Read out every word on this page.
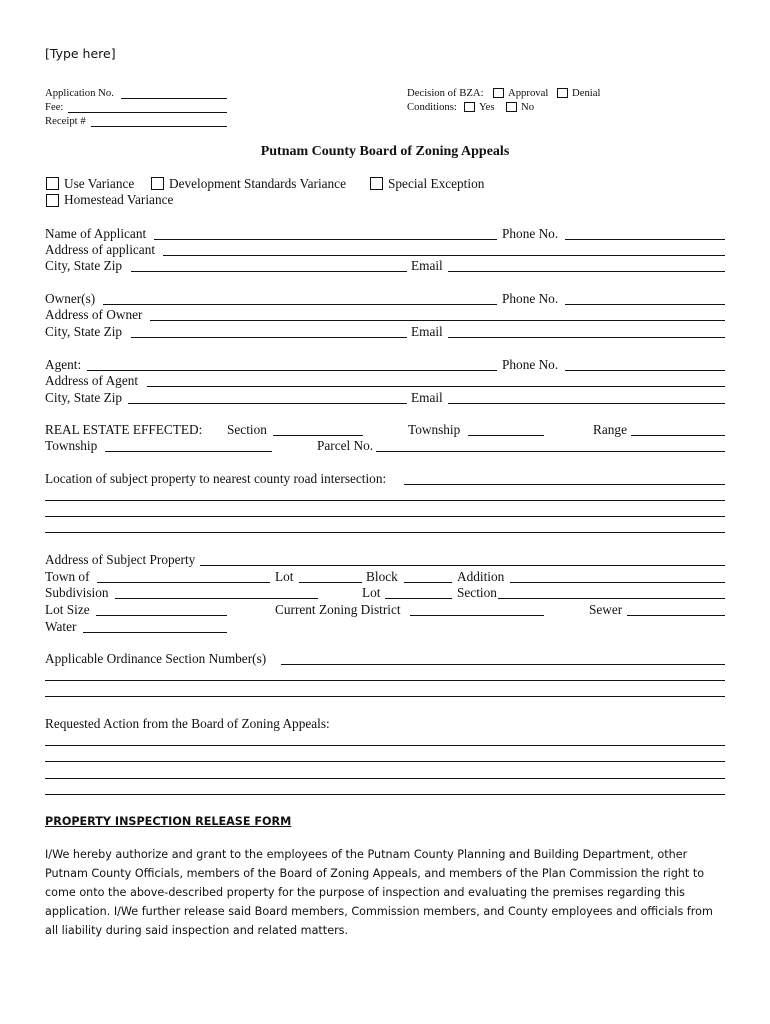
[Type here]
Application No.
Fee:
Receipt #
Decision of BZA: Approval Denial
Conditions: Yes No
Putnam County Board of Zoning Appeals
Use Variance	Development Standards Variance	Special Exception
Homestead Variance
Name of Applicant	Phone No.
Address of applicant
City, State Zip	Email
Owner(s)	Phone No.
Address of Owner
City, State Zip	Email
Agent:	Phone No.
Address of Agent
City, State Zip	Email
REAL ESTATE EFFECTED: Section	Township	Range
Township	Parcel No.
Location of subject property to nearest county road intersection:
Address of Subject Property
Town of	Lot	Block	Addition
Subdivision	Lot	Section
Lot Size	Current Zoning District	Sewer
Water
Applicable Ordinance Section Number(s)
Requested Action from the Board of Zoning Appeals:
PROPERTY INSPECTION RELEASE FORM
I/We hereby authorize and grant to the employees of the Putnam County Planning and Building Department, other
Putnam County Officials, members of the Board of Zoning Appeals, and members of the Plan Commission the right to
come onto the above-described property for the purpose of inspection and evaluating the premises regarding this
application. I/We further release said Board members, Commission members, and County employees and officials from
all liability during said inspection and related matters.
